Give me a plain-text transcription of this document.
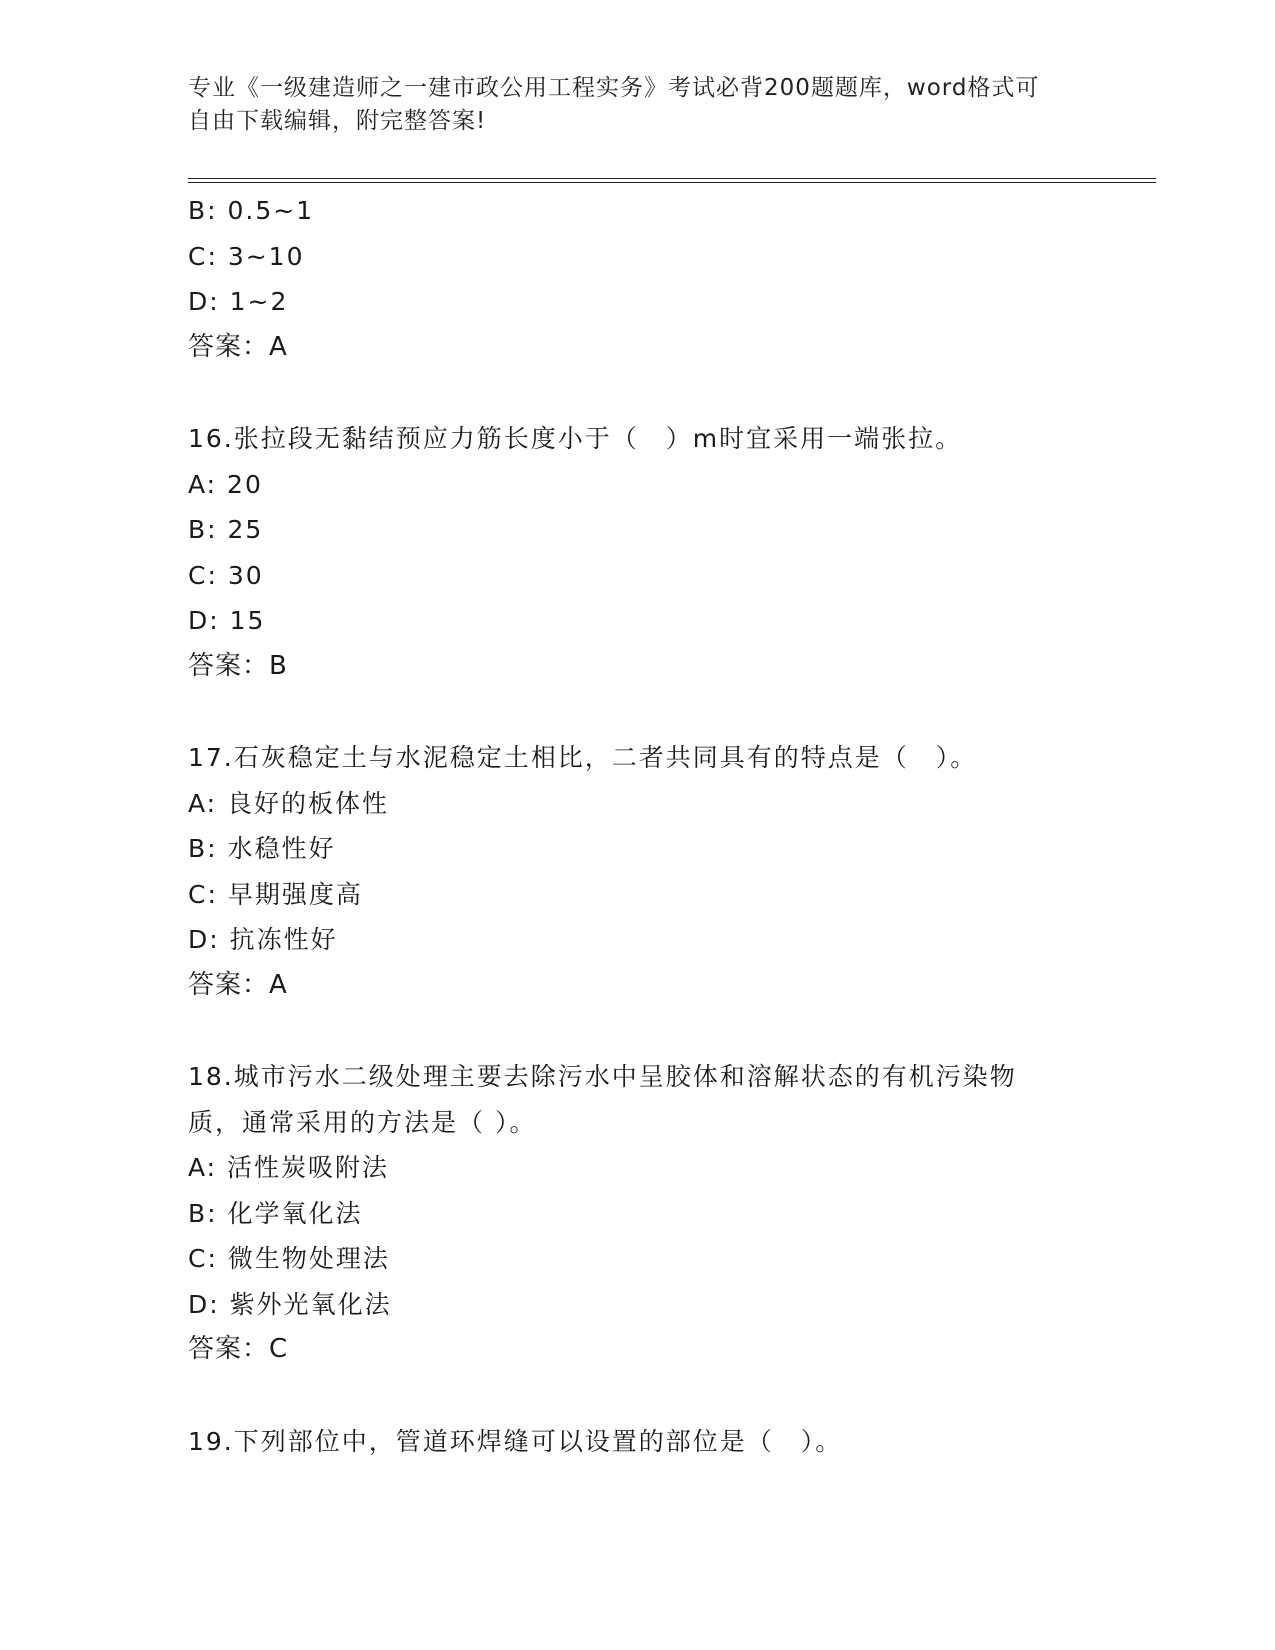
专业《一级建造师之一建市政公用工程实务》考试必背200题题库，word格式可
自由下载编辑，附完整答案!
B: 0.5~1
C: 3~10
D: 1~2
答案：A
16.张拉段无黏结预应力筋长度小于（　）m时宜采用一端张拉。
A: 20
B: 25
C: 30
D: 15
答案：B
17.石灰稳定土与水泥稳定土相比，二者共同具有的特点是（　）。
A: 良好的板体性
B: 水稳性好
C: 早期强度高
D: 抗冻性好
答案：A
18.城市污水二级处理主要去除污水中呈胶体和溶解状态的有机污染物
质，通常采用的方法是（ ）。
A: 活性炭吸附法
B: 化学氧化法
C: 微生物处理法
D: 紫外光氧化法
答案：C
19.下列部位中，管道环焊缝可以设置的部位是（　）。
